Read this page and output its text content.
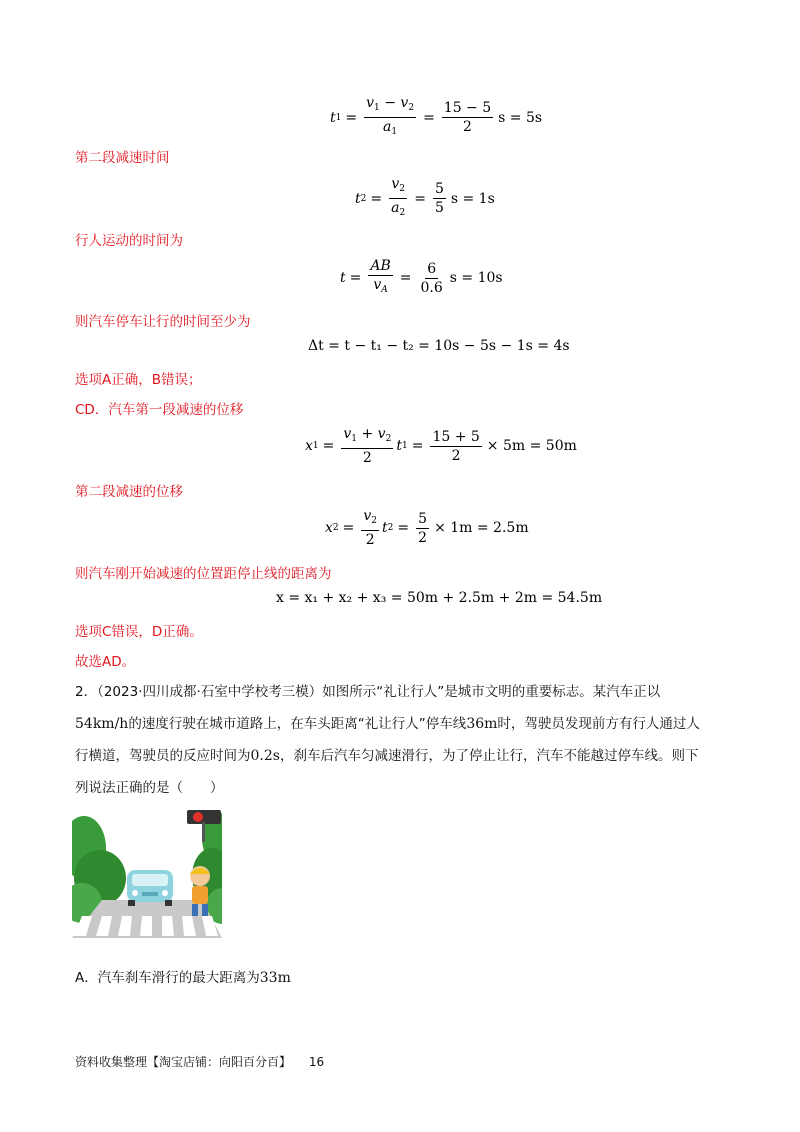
t $1 = \frac{v_1 - v_2}{a_1} = \frac{15 - 5}{2}$ s = 5s
第二段减速时间
t $2 = \frac{v_2}{a_2} = \frac{5}{5}$ s = 1s
行人运动的时间为
$t = \frac{AB}{v_A} = \frac{6}{0.6}$ s = 10s
则汽车停车让行的时间至少为
Δt = t − t₁ − t₂ = 10s − 5s − 1s = 4s
选项A正确，B错误；
CD．汽车第一段减速的位移
x $1 = \frac{v_1 + v_2}{2}$ t $1 = \frac{15 + 5}{2} \times 5m = 50m$
第二段减速的位移
x $2 = \frac{v_2}{2}$ t $2 = \frac{5}{2} \times 1m = 2.5m$
则汽车刚开始减速的位置距停止线的距离为
x = x₁ + x₂ + x₃ = 50m + 2.5m + 2m = 54.5m
选项C错误，D正确。
故选AD。
2．（2023·四川成都·石室中学校考三模）如图所示“礼让行人”是城市文明的重要标志。某汽车正以
54km/h的速度行驶在城市道路上，在车头距离“礼让行人”停车线36m时，驾驶员发现前方有行人通过人
行横道，驾驶员的反应时间为0.2s，刹车后汽车匀减速滑行，为了停止让行，汽车不能越过停车线。则下
列说法正确的是（　　）
A．汽车刹车滑行的最大距离为33m
资料收集整理【淘宝店铺：向阳百分百】 16
